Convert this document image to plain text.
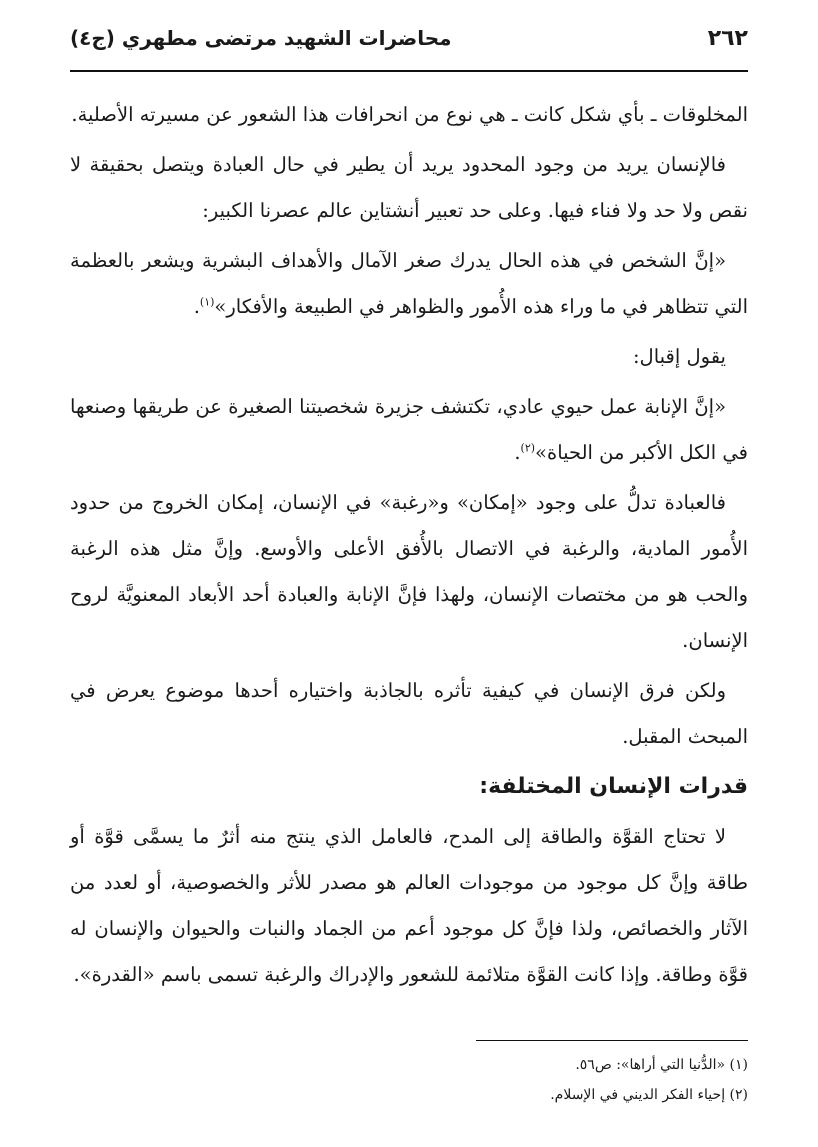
٢٦٢
محاضرات الشهيد مرتضى مطهري (ج٤)

المخلوقات ـ بأي شكل كانت ـ هي نوع من انحرافات هذا الشعور عن مسيرته الأصلية.

فالإنسان يريد من وجود المحدود يريد أن يطير في حال العبادة ويتصل بحقيقة لا نقص ولا حد ولا فناء فيها. وعلى حد تعبير أنشتاين عالم عصرنا الكبير:

«إنَّ الشخص في هذه الحال يدرك صغر الآمال والأهداف البشرية ويشعر بالعظمة التي تتظاهر في ما وراء هذه الأُمور والظواهر في الطبيعة والأفكار»$^{(١)}$.

يقول إقبال:

«إنَّ الإنابة عمل حيوي عادي، تكتشف جزيرة شخصيتنا الصغيرة عن طريقها وصنعها في الكل الأكبر من الحياة»$^{(٢)}$.

فالعبادة تدلُّ على وجود «إمكان» و«رغبة» في الإنسان، إمكان الخروج من حدود الأُمور المادية، والرغبة في الاتصال بالأُفق الأعلى والأوسع. وإنَّ مثل هذه الرغبة والحب هو من مختصات الإنسان، ولهذا فإنَّ الإنابة والعبادة أحد الأبعاد المعنويَّة لروح الإنسان.

ولكن فرق الإنسان في كيفية تأثره بالجاذبة واختياره أحدها موضوع يعرض في المبحث المقبل.

قدرات الإنسان المختلفة:

لا تحتاج القوَّة والطاقة إلى المدح، فالعامل الذي ينتج منه أثرٌ ما يسمَّى قوَّة أو طاقة وإنَّ كل موجود من موجودات العالم هو مصدر للأثر والخصوصية، أو لعدد من الآثار والخصائص، ولذا فإنَّ كل موجود أعم من الجماد والنبات والحيوان والإنسان له قوَّة وطاقة. وإذا كانت القوَّة متلائمة للشعور والإدراك والرغبة تسمى باسم «القدرة».

(١) «الدُّنيا التي أراها»: ص٥٦.
(٢) إحياء الفكر الديني في الإسلام.
